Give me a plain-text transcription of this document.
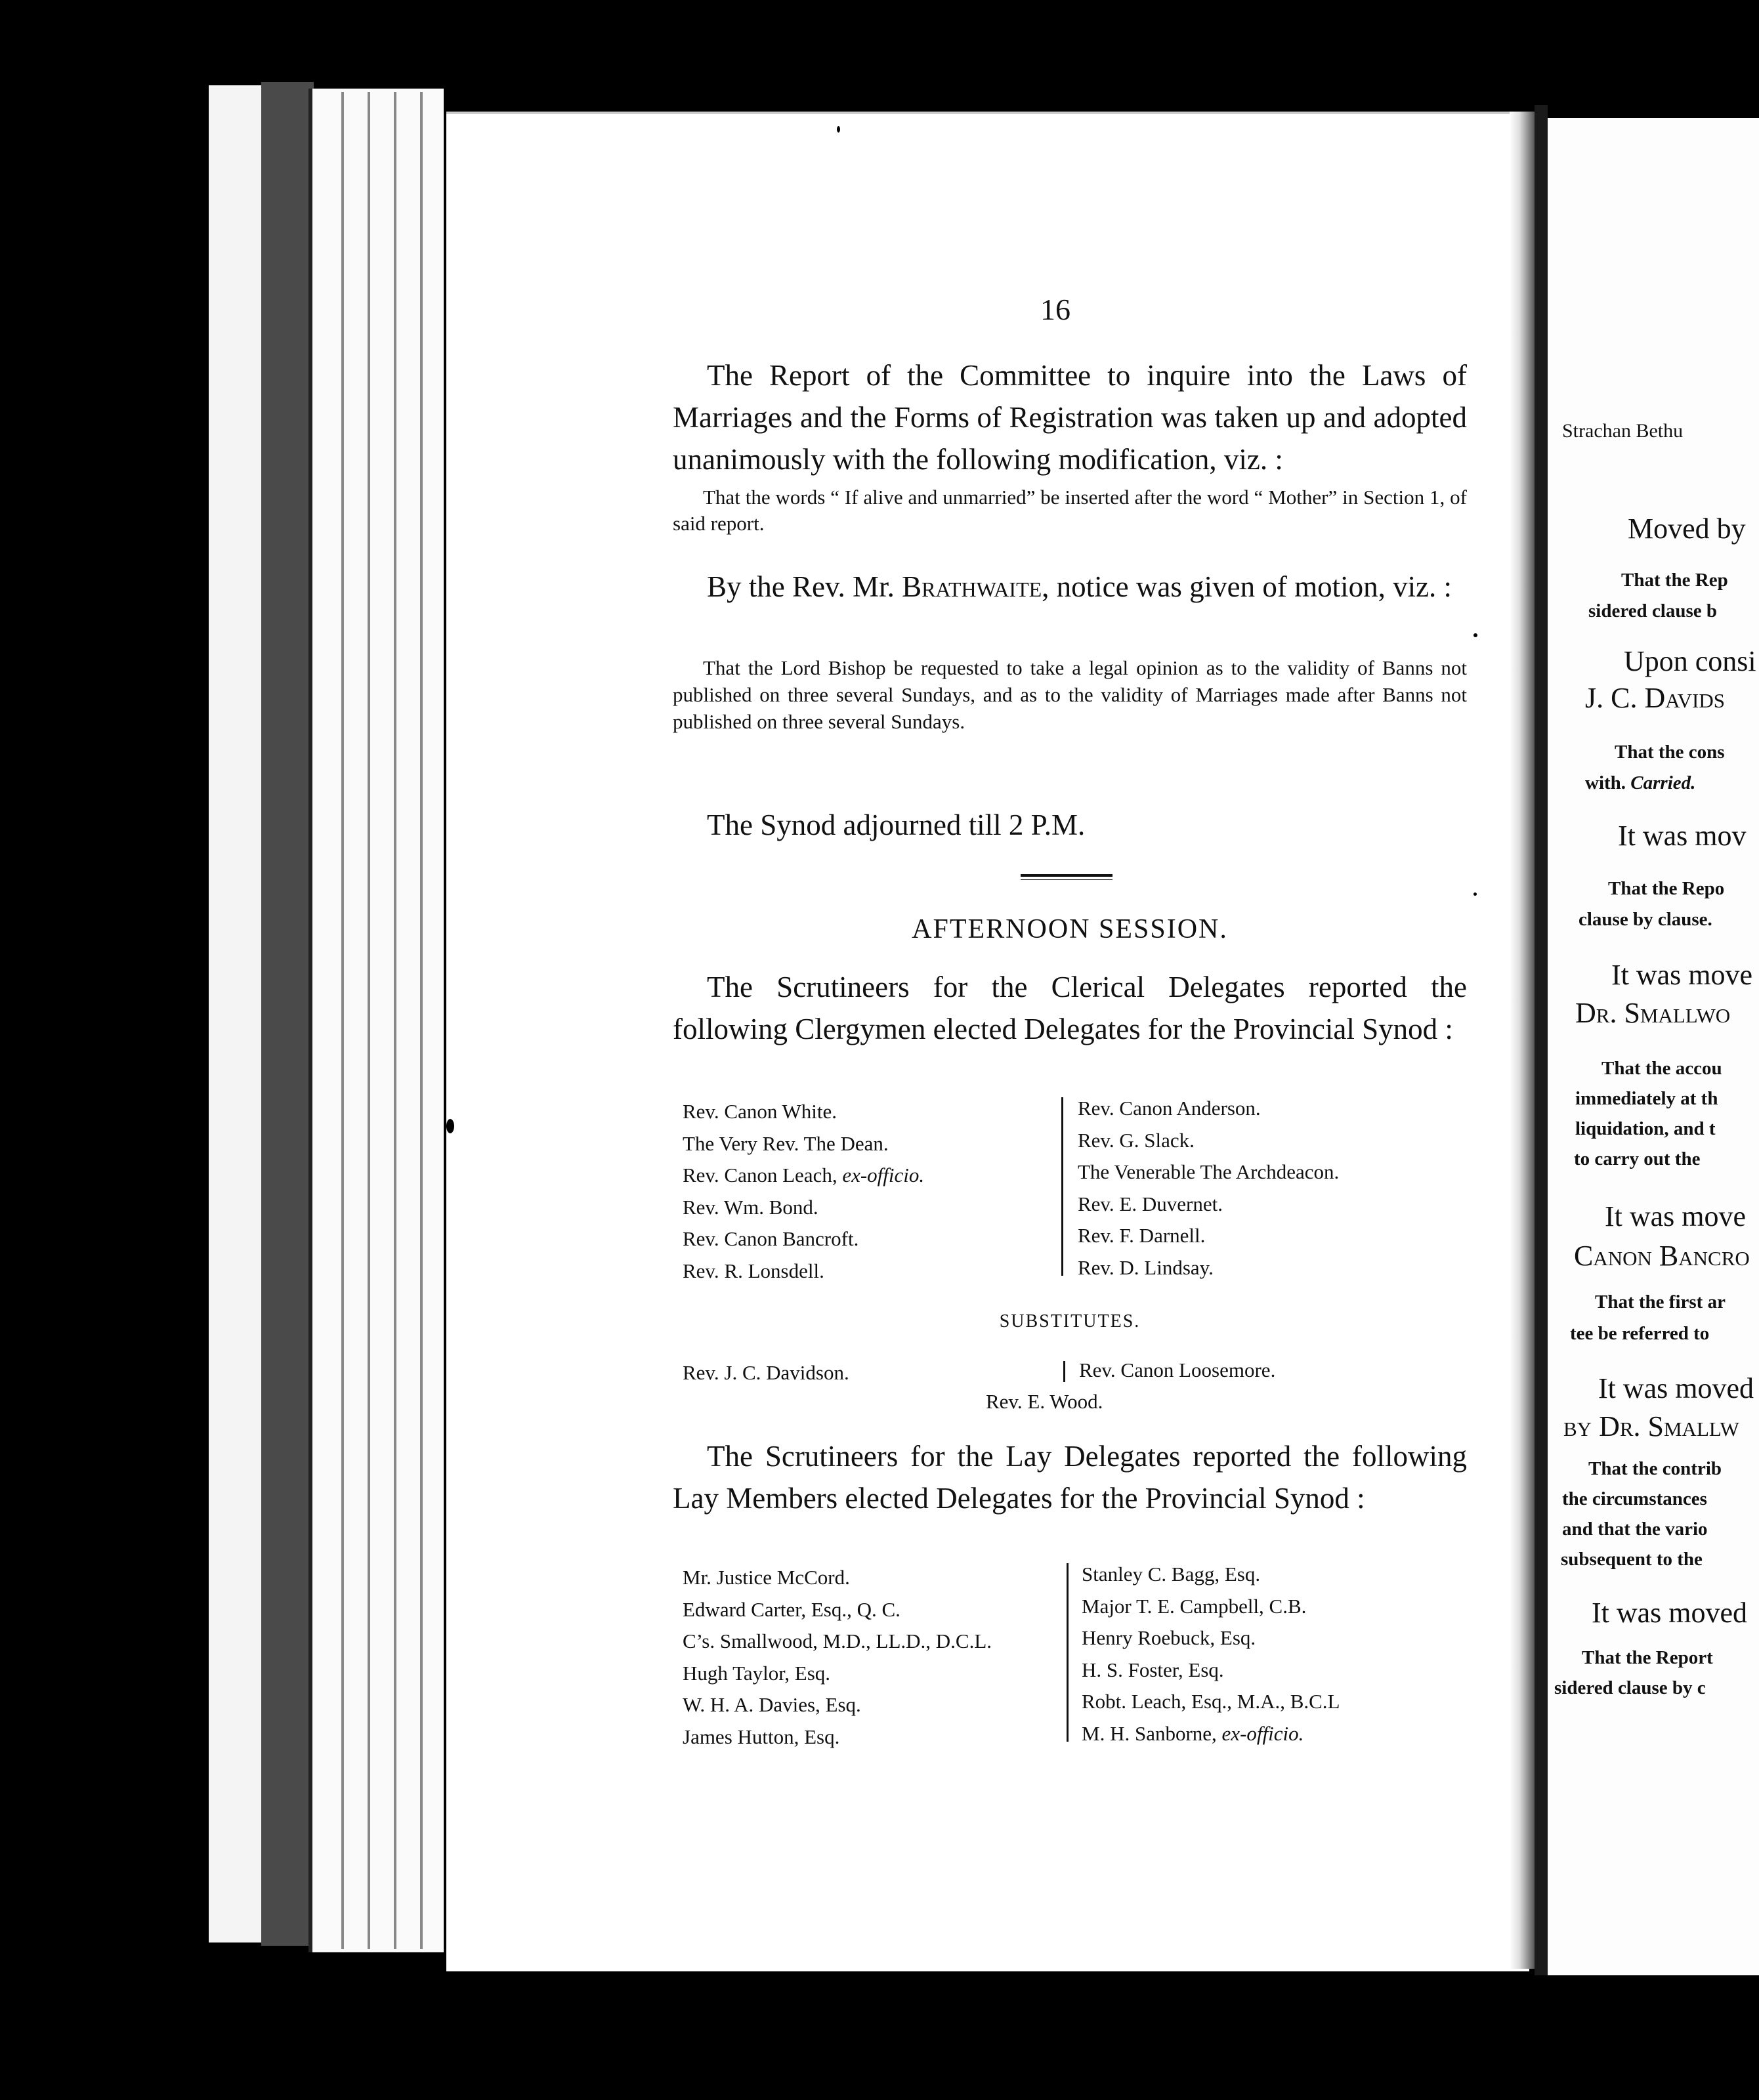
16
The Report of the Committee to inquire into the Laws of Marriages and the Forms of Registration was taken up and adopted unanimously with the following modification, viz. :
That the words “ If alive and unmarried” be inserted after the word “ Mother” in Section 1, of said report.
By the Rev. Mr. Brathwaite, notice was given of motion, viz. :
That the Lord Bishop be requested to take a legal opinion as to the validity of Banns not published on three several Sundays, and as to the validity of Marriages made after Banns not published on three several Sundays.
The Synod adjourned till 2 P.M.
AFTERNOON SESSION.
The Scrutineers for the Clerical Delegates reported the following Clergymen elected Delegates for the Provincial Synod :
Rev. Canon White.
The Very Rev. The Dean.
Rev. Canon Leach, ex-officio.
Rev. Wm. Bond.
Rev. Canon Bancroft.
Rev. R. Lonsdell.
Rev. Canon Anderson.
Rev. G. Slack.
The Venerable The Archdeacon.
Rev. E. Duvernet.
Rev. F. Darnell.
Rev. D. Lindsay.
SUBSTITUTES.
Rev. J. C. Davidson.	Rev. Canon Loosemore.
Rev. E. Wood.
The Scrutineers for the Lay Delegates reported the following Lay Members elected Delegates for the Provincial Synod :
Mr. Justice McCord.
Edward Carter, Esq., Q. C.
C’s. Smallwood, M.D., LL.D., D.C.L.
Hugh Taylor, Esq.
W. H. A. Davies, Esq.
James Hutton, Esq.
Stanley C. Bagg, Esq.
Major T. E. Campbell, C.B.
Henry Roebuck, Esq.
H. S. Foster, Esq.
Robt. Leach, Esq., M.A., B.C.L
M. H. Sanborne, ex-officio.
Strachan Bethu
Moved by
That the Rep
sidered clause b
Upon consi
J. C. Davids
That the cons
with. Carried.
It was mov
That the Repo
clause by clause.
It was move
Dr. Smallwo
That the accou
immediately at th
liquidation, and t
to carry out the
It was move
Canon Bancro
That the first ar
tee be referred to
It was moved
by Dr. Smallw
That the contrib
the circumstances
and that the vario
subsequent to the
It was moved
That the Report
sidered clause by c
